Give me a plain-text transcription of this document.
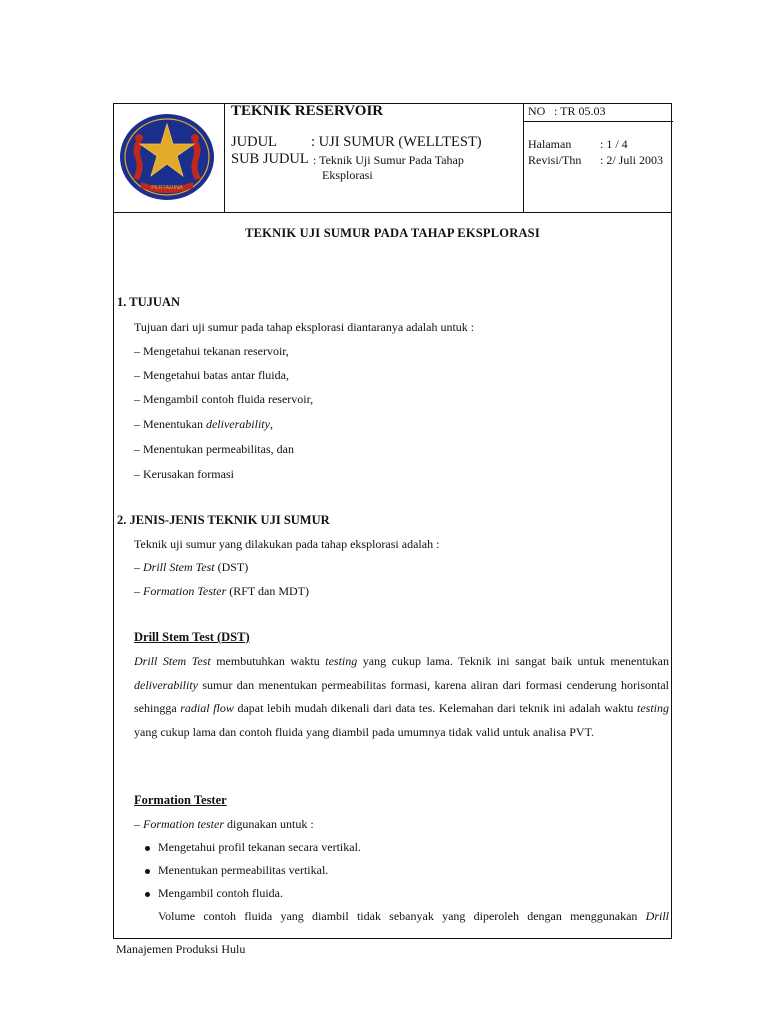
PERTAMINA
TEKNIK RESERVOIR	NO : TR 05.03
JUDUL : UJI SUMUR (WELLTEST)
SUB JUDUL : Teknik Uji Sumur Pada Tahap
Eksplorasi
Halaman : 1 / 4
Revisi/Thn : 2/ Juli 2003
TEKNIK UJI SUMUR PADA TAHAP EKSPLORASI
1. TUJUAN
Tujuan dari uji sumur pada tahap eksplorasi diantaranya adalah untuk :
– Mengetahui tekanan reservoir,
– Mengetahui batas antar fluida,
– Mengambil contoh fluida reservoir,
– Menentukan deliverability,
– Menentukan permeabilitas, dan
– Kerusakan formasi
2. JENIS-JENIS TEKNIK UJI SUMUR
Teknik uji sumur yang dilakukan pada tahap eksplorasi adalah :
– Drill Stem Test (DST)
– Formation Tester (RFT dan MDT)
Drill Stem Test (DST)
Drill Stem Test membutuhkan waktu testing yang cukup lama. Teknik ini sangat baik untuk menentukan deliverability sumur dan menentukan permeabilitas formasi, karena aliran dari formasi cenderung horisontal sehingga radial flow dapat lebih mudah dikenali dari data tes. Kelemahan dari teknik ini adalah waktu testing yang cukup lama dan contoh fluida yang diambil pada umumnya tidak valid untuk analisa PVT.
Formation Tester
– Formation tester digunakan untuk :
Mengetahui profil tekanan secara vertikal.
Menentukan permeabilitas vertikal.
Mengambil contoh fluida.
Volume contoh fluida yang diambil tidak sebanyak yang diperoleh dengan menggunakan Drill
Manajemen Produksi Hulu
